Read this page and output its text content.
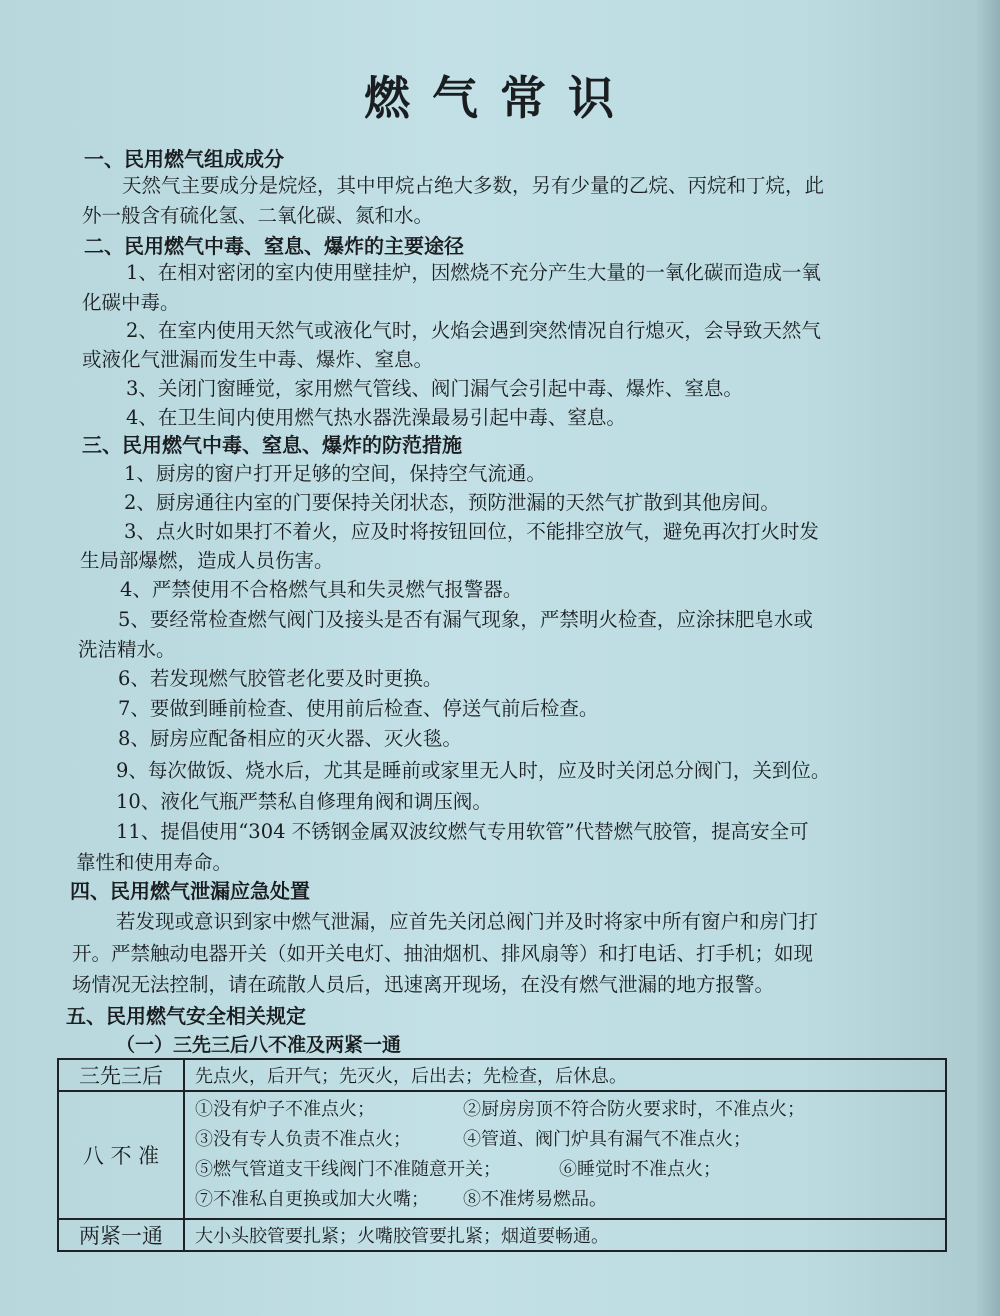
燃气常识
一、民用燃气组成成分
天然气主要成分是烷烃，其中甲烷占绝大多数，另有少量的乙烷、丙烷和丁烷，此
外一般含有硫化氢、二氧化碳、氮和水。
二、民用燃气中毒、窒息、爆炸的主要途径
1、在相对密闭的室内使用壁挂炉，因燃烧不充分产生大量的一氧化碳而造成一氧
化碳中毒。
2、在室内使用天然气或液化气时，火焰会遇到突然情况自行熄灭，会导致天然气
或液化气泄漏而发生中毒、爆炸、窒息。
3、关闭门窗睡觉，家用燃气管线、阀门漏气会引起中毒、爆炸、窒息。
4、在卫生间内使用燃气热水器洗澡最易引起中毒、窒息。
三、民用燃气中毒、窒息、爆炸的防范措施
1、厨房的窗户打开足够的空间，保持空气流通。
2、厨房通往内室的门要保持关闭状态，预防泄漏的天然气扩散到其他房间。
3、点火时如果打不着火，应及时将按钮回位，不能排空放气，避免再次打火时发
生局部爆燃，造成人员伤害。
4、严禁使用不合格燃气具和失灵燃气报警器。
5、要经常检查燃气阀门及接头是否有漏气现象，严禁明火检查，应涂抹肥皂水或
洗洁精水。
6、若发现燃气胶管老化要及时更换。
7、要做到睡前检查、使用前后检查、停送气前后检查。
8、厨房应配备相应的灭火器、灭火毯。
9、每次做饭、烧水后，尤其是睡前或家里无人时，应及时关闭总分阀门，关到位。
10、液化气瓶严禁私自修理角阀和调压阀。
11、提倡使用“304 不锈钢金属双波纹燃气专用软管”代替燃气胶管，提高安全可
靠性和使用寿命。
四、民用燃气泄漏应急处置
若发现或意识到家中燃气泄漏，应首先关闭总阀门并及时将家中所有窗户和房门打
开。严禁触动电器开关（如开关电灯、抽油烟机、排风扇等）和打电话、打手机；如现
场情况无法控制，请在疏散人员后，迅速离开现场，在没有燃气泄漏的地方报警。
五、民用燃气安全相关规定
（一）三先三后八不准及两紧一通
三先三后	先点火，后开气；先灭火，后出去；先检查，后休息。
八 不 准	①没有炉子不准点火； ②厨房房顶不符合防火要求时，不准点火；
③没有专人负责不准点火； ④管道、阀门炉具有漏气不准点火；
⑤燃气管道支干线阀门不准随意开关； ⑥睡觉时不准点火；
⑦不准私自更换或加大火嘴； ⑧不准烤易燃品。

两紧一通	大小头胶管要扎紧；火嘴胶管要扎紧；烟道要畅通。
